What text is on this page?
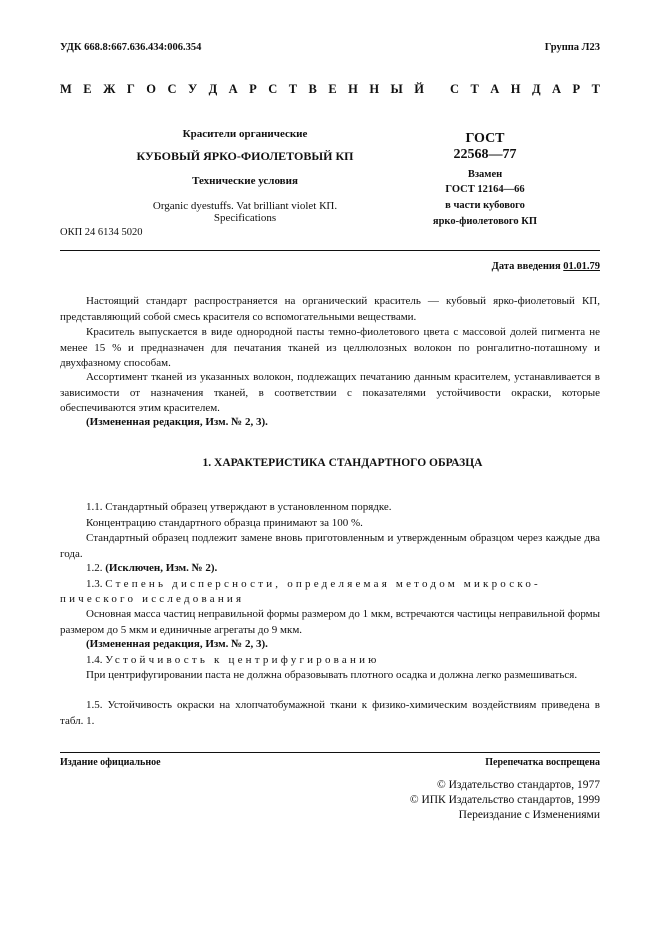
УДК 668.8:667.636.434:006.354	Группа Л23
М Е Ж Г О С У Д А Р С Т В Е Н Н Ы Й
С Т А Н Д А Р Т
Красители органические
КУБОВЫЙ ЯРКО-ФИОЛЕТОВЫЙ КП
Технические условия
Organic dyestuffs. Vat brilliant violet КП.
Specifications
ОКП 24 6134 5020
ГОСТ
22568—77
Взамен
ГОСТ 12164—66
в части кубового
ярко-фиолетового КП
Дата введения 01.01.79
Настоящий стандарт распространяется на органический краситель — кубовый ярко-фиолетовый КП, представляющий собой смесь красителя со вспомогательными веществами.
Краситель выпускается в виде однородной пасты темно-фиолетового цвета с массовой долей пигмента не менее 15 % и предназначен для печатания тканей из целлюлозных волокон по ронгалитно-поташному и двухфазному способам.
Ассортимент тканей из указанных волокон, подлежащих печатанию данным красителем, устанавливается в зависимости от назначения тканей, в соответствии с показателями устойчивости окраски, которые обеспечиваются этим красителем.
(Измененная редакция, Изм. № 2, 3).
1. ХАРАКТЕРИСТИКА СТАНДАРТНОГО ОБРАЗЦА
1.1. Стандартный образец утверждают в установленном порядке.
Концентрацию стандартного образца принимают за 100 %.
Стандартный образец подлежит замене вновь приготовленным и утвержденным образцом через каждые два года.
1.2. (Исключен, Изм. № 2).
1.3. Степень дисперсности, определяемая методом микроско-
пического исследования
Основная масса частиц неправильной формы размером до 1 мкм, встречаются частицы неправильной формы размером до 5 мкм и единичные агрегаты до 9 мкм.
(Измененная редакция, Изм. № 2, 3).
1.4. Устойчивость к центрифугированию
При центрифугировании паста не должна образовывать плотного осадка и должна легко размешиваться.
1.5. Устойчивость окраски на хлопчатобумажной ткани к физико-химическим воздействиям приведена в табл. 1.
Издание официальное	Перепечатка воспрещена
© Издательство стандартов, 1977
© ИПК Издательство стандартов, 1999
Переиздание с Изменениями
